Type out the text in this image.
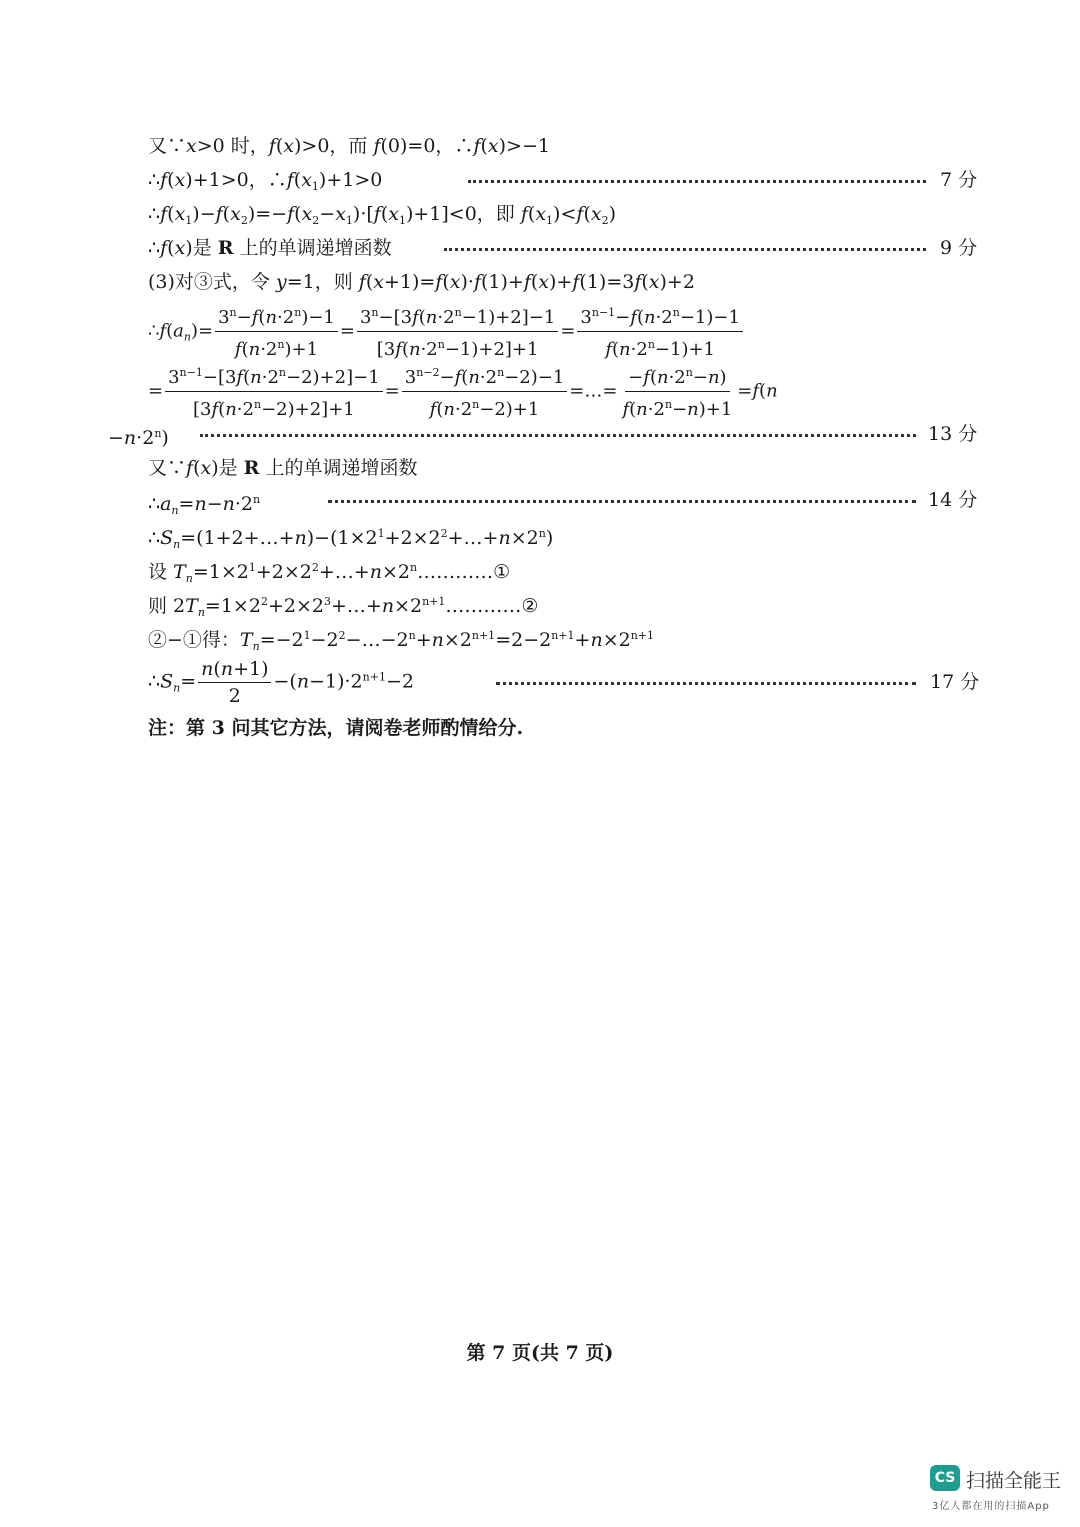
又∵x>0 时，f(x)>0，而 f(0)=0，∴f(x)>−1
∴f(x)+1>0，$\therefore f(x_1)+1>0$	7 分
$\therefore f(x_1)-f(x_2)=-f(x_2-x_1)\cdot[f(x_1)+1]<0$，即 $f(x_1)<f(x_2)$
∴f(x)是 R 上的单调递增函数	9 分
(3)对③式，令 y=1，则 f(x+1)=f(x)·f(1)+f(x)+f(1)=3f(x)+2
$\therefore f(a_n)= \frac{3^n-f(n\cdot 2^n)-1}{f(n\cdot 2^n)+1} = \frac{3^n-[3f(n\cdot 2^n-1)+2]-1}{[3f(n\cdot 2^n-1)+2]+1} = \frac{3^{n-1}-f(n\cdot 2^n-1)-1}{f(n\cdot 2^n-1)+1}$
= $\frac{3^{n-1}-[3f(n\cdot 2^n-2)+2]-1}{[3f(n\cdot 2^n-2)+2]+1} = \frac{3^{n-2}-f(n\cdot 2^n-2)-1}{f(n\cdot 2^n-2)+1}$ =…= $\frac{-f(n\cdot 2^n-n)}{f(n\cdot 2^n-n)+1} =f(n$
$-n\cdot 2^n$)	13 分
又∵f(x)是 R 上的单调递增函数
$\therefore a_n=n-n\cdot 2^n$	14 分
$\therefore S_n=(1+2+\dots+n)-(1\times 2^1+2\times 2^2+\dots+n\times 2^n)$
设 $T_n=1\times 2^1+2\times 2^2+\dots+n\times 2^n\dots\dots\dots\dots ①$
则 $2T_n=1\times 2^2+2\times 2^3+\dots+n\times 2^{n+1}\dots\dots\dots\dots ②$
②−①得：$T_n=-2^1-2^2-\dots-2^n+n\times 2^{n+1}=2-2^{n+1}+n\times 2^{n+1}$
$\therefore S_n= \frac{n(n+1)}{2} -(n-1)\cdot 2^{n+1}-2$	17 分
注：第 3 问其它方法，请阅卷老师酌情给分.
第 7 页(共 7 页)
CS 扫描全能王
3亿人都在用的扫描App
